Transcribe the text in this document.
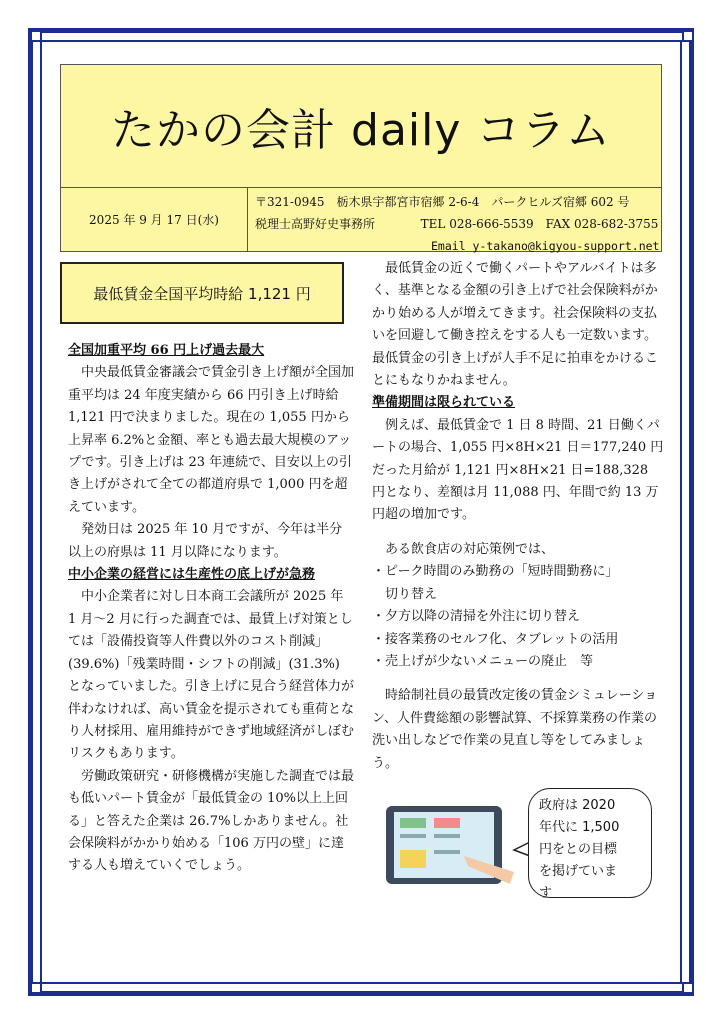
たかの会計 daily コラム
2025 年 9 月 17 日(水)
〒321-0945　栃木県宇都宮市宿郷 2-6-4　パークヒルズ宿郷 602 号
税理士高野好史事務所	TEL 028-666-5539　FAX 028-682-3755
Email y-takano@kigyou-support.net
最低賃金全国平均時給 1,121 円

全国加重平均 66 円上げ過去最大

中央最低賃金審議会で賃金引き上げ額が全国加重平均は 24 年度実績から 66 円引き上げ時給 1,121 円で決まりました。現在の 1,055 円から上昇率 6.2%と金額、率とも過去最大規模のアップです。引き上げは 23 年連続で、目安以上の引き上げがされて全ての都道府県で 1,000 円を超えています。

発効日は 2025 年 10 月ですが、今年は半分以上の府県は 11 月以降になります。

中小企業の経営には生産性の底上げが急務

中小企業者に対し日本商工会議所が 2025 年 1 月～2 月に行った調査では、最賃上げ対策としては「設備投資等人件費以外のコスト削減」(39.6%)「残業時間・シフトの削減」(31.3%) となっていました。引き上げに見合う経営体力が伴わなければ、高い賃金を提示されても重荷となり人材採用、雇用維持ができず地域経済がしぼむリスクもあります。

労働政策研究・研修機構が実施した調査では最も低いパート賃金が「最低賃金の 10%以上上回る」と答えた企業は 26.7%しかありません。社会保険料がかかり始める「106 万円の壁」に達する人も増えていくでしょう。

最低賃金の近くで働くパートやアルバイトは多く、基準となる金額の引き上げで社会保険料がかかり始める人が増えてきます。社会保険料の支払いを回避して働き控えをする人も一定数います。最低賃金の引き上げが人手不足に拍車をかけることにもなりかねません。

準備期間は限られている

例えば、最低賃金で 1 日 8 時間、21 日働くパートの場合、1,055 円×8H×21 日＝177,240 円だった月給が 1,121 円×8H×21 日=188,328 円となり、差額は月 11,088 円、年間で約 13 万円超の増加です。

ある飲食店の対応策例では、

・ピーク時間のみ勤務の「短時間勤務に」
　切り替え
・夕方以降の清掃を外注に切り替え
・接客業務のセルフ化、タブレットの活用
・売上げが少ないメニューの廃止　等

時給制社員の最賃改定後の賃金シミュレーション、人件費総額の影響試算、不採算業務の作業の洗い出しなどで作業の見直し等をしてみましょう。

政府は 2020
年代に 1,500
円をとの目標
を掲げていま
す
